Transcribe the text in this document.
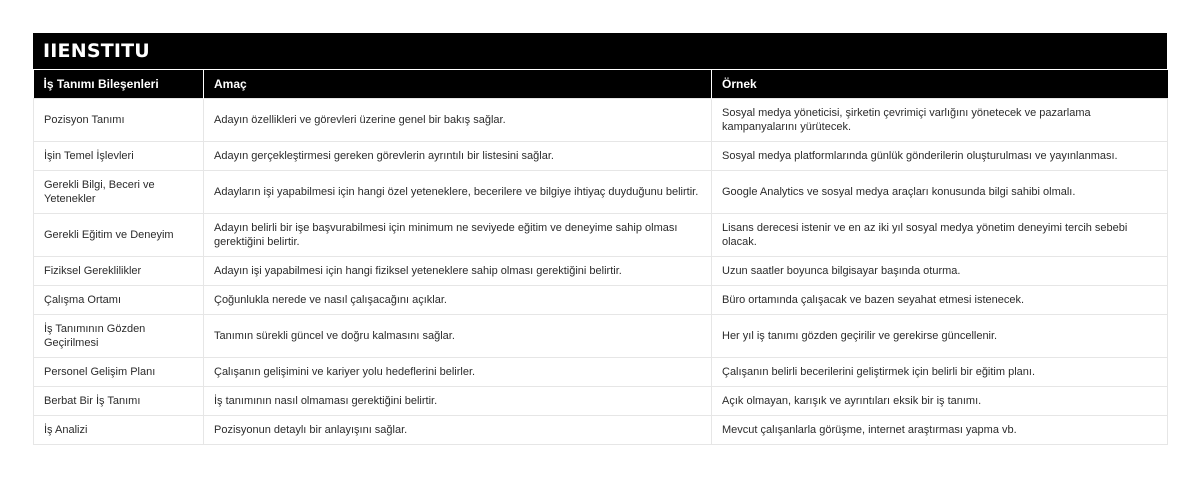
IIENSTITU
İş Tanımı Bileşenleri	Amaç	Örnek
Pozisyon Tanımı	Adayın özellikleri ve görevleri üzerine genel bir bakış sağlar.	Sosyal medya yöneticisi, şirketin çevrimiçi varlığını yönetecek ve pazarlama kampanyalarını yürütecek.
İşin Temel İşlevleri	Adayın gerçekleştirmesi gereken görevlerin ayrıntılı bir listesini sağlar.	Sosyal medya platformlarında günlük gönderilerin oluşturulması ve yayınlanması.
Gerekli Bilgi, Beceri ve Yetenekler	Adayların işi yapabilmesi için hangi özel yeteneklere, becerilere ve bilgiye ihtiyaç duyduğunu belirtir.	Google Analytics ve sosyal medya araçları konusunda bilgi sahibi olmalı.
Gerekli Eğitim ve Deneyim	Adayın belirli bir işe başvurabilmesi için minimum ne seviyede eğitim ve deneyime sahip olması gerektiğini belirtir.	Lisans derecesi istenir ve en az iki yıl sosyal medya yönetim deneyimi tercih sebebi olacak.
Fiziksel Gereklilikler	Adayın işi yapabilmesi için hangi fiziksel yeteneklere sahip olması gerektiğini belirtir.	Uzun saatler boyunca bilgisayar başında oturma.
Çalışma Ortamı	Çoğunlukla nerede ve nasıl çalışacağını açıklar.	Büro ortamında çalışacak ve bazen seyahat etmesi istenecek.
İş Tanımının Gözden Geçirilmesi	Tanımın sürekli güncel ve doğru kalmasını sağlar.	Her yıl iş tanımı gözden geçirilir ve gerekirse güncellenir.
Personel Gelişim Planı	Çalışanın gelişimini ve kariyer yolu hedeflerini belirler.	Çalışanın belirli becerilerini geliştirmek için belirli bir eğitim planı.
Berbat Bir İş Tanımı	İş tanımının nasıl olmaması gerektiğini belirtir.	Açık olmayan, karışık ve ayrıntıları eksik bir iş tanımı.
İş Analizi	Pozisyonun detaylı bir anlayışını sağlar.	Mevcut çalışanlarla görüşme, internet araştırması yapma vb.
